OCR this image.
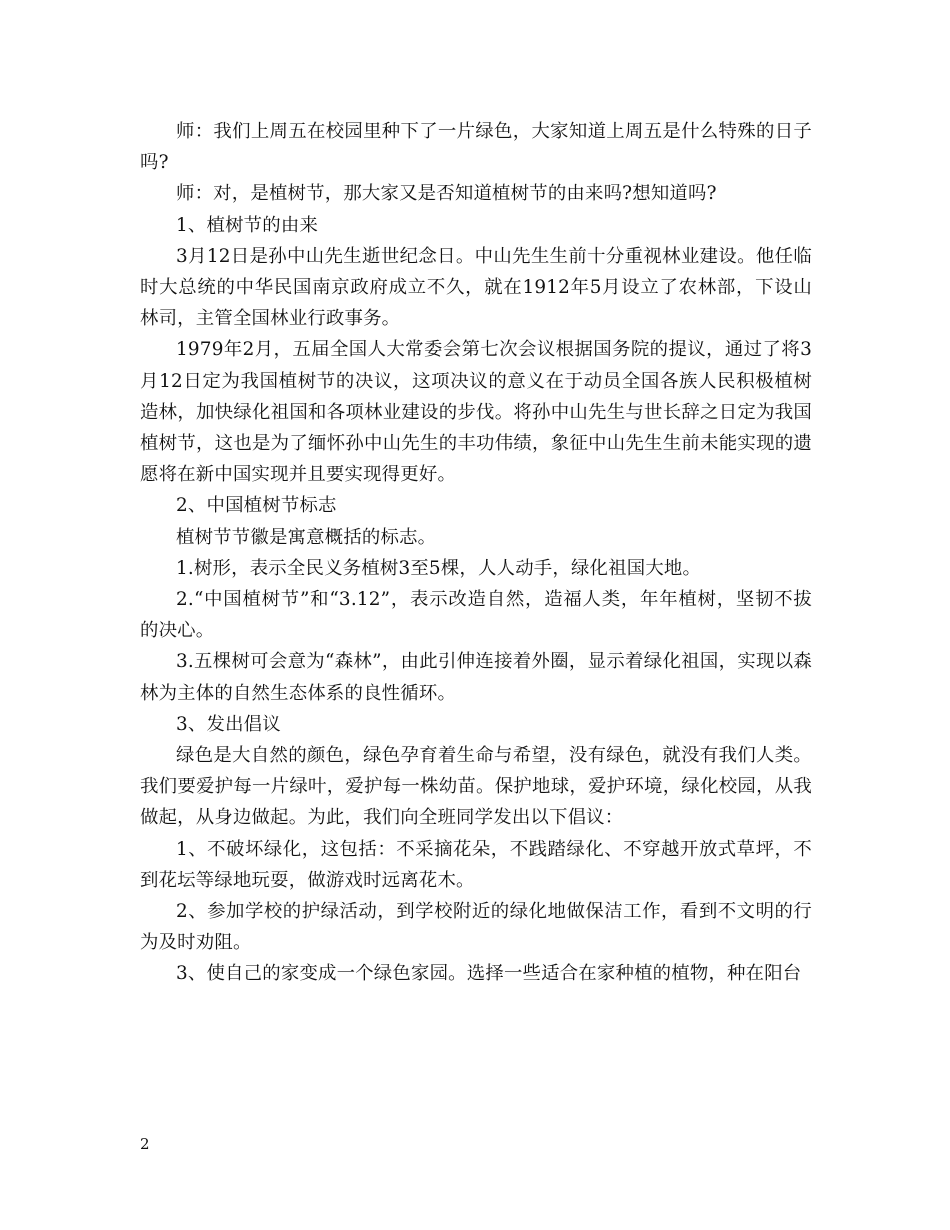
师：我们上周五在校园里种下了一片绿色，大家知道上周五是什么特殊的日子吗?

师：对，是植树节，那大家又是否知道植树节的由来吗?想知道吗?

1、植树节的由来

3月12日是孙中山先生逝世纪念日。中山先生生前十分重视林业建设。他任临时大总统的中华民国南京政府成立不久，就在1912年5月设立了农林部，下设山林司，主管全国林业行政事务。

1979年2月，五届全国人大常委会第七次会议根据国务院的提议，通过了将3月12日定为我国植树节的决议，这项决议的意义在于动员全国各族人民积极植树造林，加快绿化祖国和各项林业建设的步伐。将孙中山先生与世长辞之日定为我国植树节，这也是为了缅怀孙中山先生的丰功伟绩，象征中山先生生前未能实现的遗愿将在新中国实现并且要实现得更好。

2、中国植树节标志

植树节节徽是寓意概括的标志。

1.树形，表示全民义务植树3至5棵，人人动手，绿化祖国大地。

2.“中国植树节”和“3.12”，表示改造自然，造福人类，年年植树，坚韧不拔的决心。

3.五棵树可会意为“森林”，由此引伸连接着外圈，显示着绿化祖国，实现以森林为主体的自然生态体系的良性循环。

3、发出倡议

绿色是大自然的颜色，绿色孕育着生命与希望，没有绿色，就没有我们人类。我们要爱护每一片绿叶，爱护每一株幼苗。保护地球，爱护环境，绿化校园，从我做起，从身边做起。为此，我们向全班同学发出以下倡议：

1、不破坏绿化，这包括：不采摘花朵，不践踏绿化、不穿越开放式草坪，不到花坛等绿地玩耍，做游戏时远离花木。

2、参加学校的护绿活动，到学校附近的绿化地做保洁工作，看到不文明的行为及时劝阻。

3、使自己的家变成一个绿色家园。选择一些适合在家种植的植物，种在阳台

2
